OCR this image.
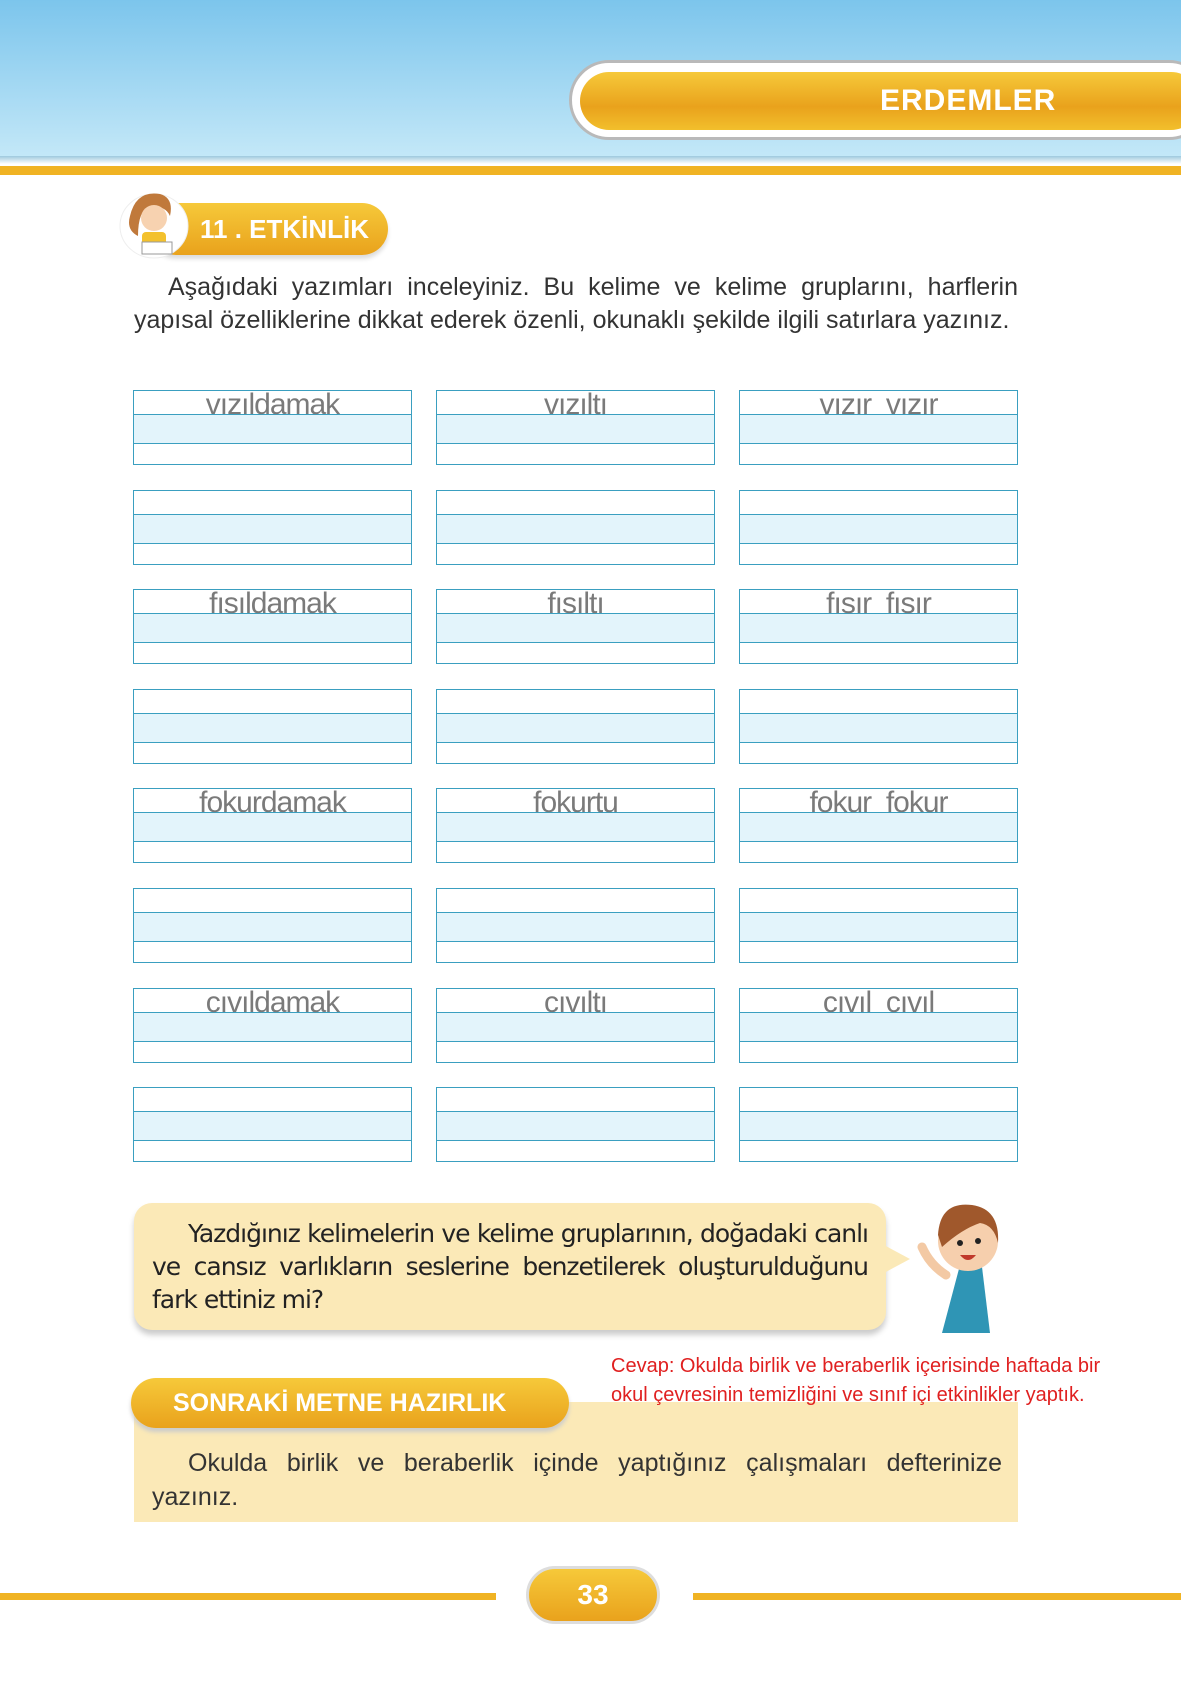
ERDEMLER
11 . ETKİNLİK

Aşağıdaki yazımları inceleyiniz. Bu kelime ve kelime gruplarını, harflerin yapısal özelliklerine dikkat ederek özenli, okunaklı şekilde ilgili satırlara yazınız.

vızıldamak	vızıltı	vızır  vızır
fısıldamak	fısıltı	fısır  fısır
fokurdamak	fokurtu	fokur  fokur
cıvıldamak	cıvıltı	cıvıl  cıvıl

Yazdığınız kelimelerin ve kelime gruplarının, doğadaki canlı ve cansız varlıkların seslerine benzetilerek oluşturulduğunu fark ettiniz mi?

Cevap: Okulda birlik ve beraberlik içerisinde haftada bir okul çevresinin temizliğini ve sınıf içi etkinlikler yaptık.

Okulda birlik ve beraberlik içinde yaptığınız çalışmaları defterinize yazınız.

SONRAKİ METNE HAZIRLIK
33
